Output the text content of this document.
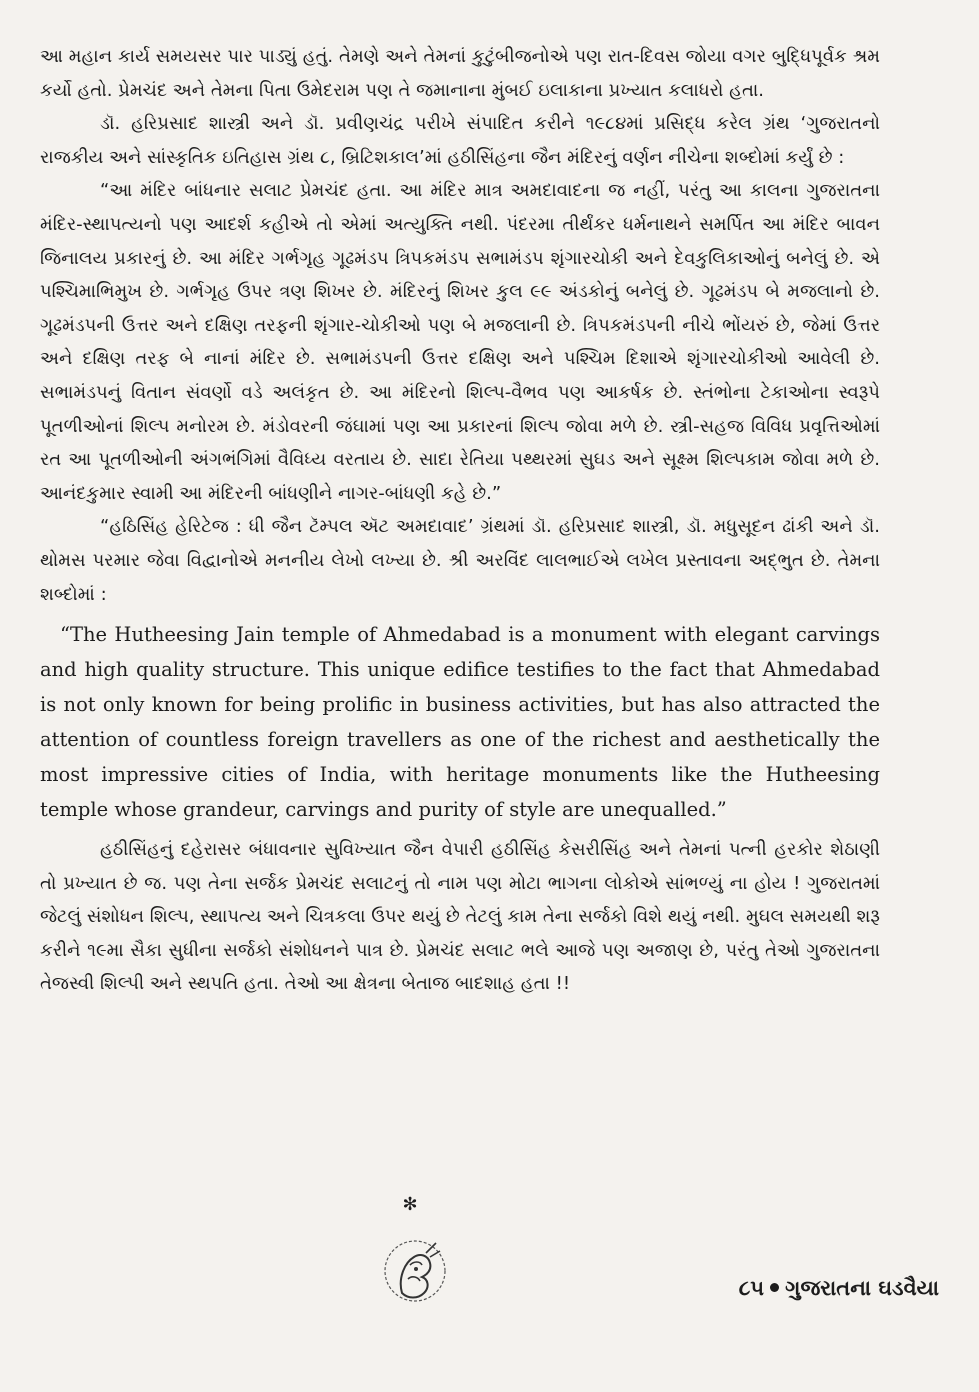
આ મહાન કાર્ય સમયસર પાર પાડ્યું હતું. તેમણે અને તેમનાં કુટુંબીજનોએ પણ રાત-દિવસ જોયા વગર બુદ્ધિપૂર્વક શ્રમ કર્યો હતો. પ્રેમચંદ અને તેમના પિતા ઉમેદરામ પણ તે જમાનાના મુંબઈ ઇલાકાના પ્રખ્યાત કલાધરો હતા.

ડૉ. હરિપ્રસાદ શાસ્ત્રી અને ડૉ. પ્રવીણચંદ્ર પરીખે સંપાદિત કરીને ૧૯૮૪માં પ્રસિદ્ધ કરેલ ગ્રંથ ‘ગુજરાતનો રાજકીય અને સાંસ્કૃતિક ઇતિહાસ ગ્રંથ ૮, બ્રિટિશકાલ’માં હઠીસિંહના જૈન મંદિરનું વર્ણન નીચેના શબ્દોમાં કર્યું છે :

“આ મંદિર બાંધનાર સલાટ પ્રેમચંદ હતા. આ મંદિર માત્ર અમદાવાદના જ નહીં, પરંતુ આ કાલના ગુજરાતના મંદિર-સ્થાપત્યનો પણ આદર્શ કહીએ તો એમાં અત્યુક્તિ નથી. પંદરમા તીર્થંકર ધર્મનાથને સમર્પિત આ મંદિર બાવન જિનાલય પ્રકારનું છે. આ મંદિર ગર્ભગૃહ ગૂઢમંડપ ત્રિપકમંડપ સભામંડપ શૃંગારચોકી અને દેવકુલિકાઓનું બનેલું છે. એ પશ્ચિમાભિમુખ છે. ગર્ભગૃહ ઉપર ત્રણ શિખર છે. મંદિરનું શિખર કુલ ૯૯ અંડકોનું બનેલું છે. ગૂઢમંડપ બે મજલાનો છે. ગૂઢમંડપની ઉત્તર અને દક્ષિણ તરફની શૃંગાર-ચોકીઓ પણ બે મજલાની છે. ત્રિપકમંડપની નીચે ભોંયરું છે, જેમાં ઉત્તર અને દક્ષિણ તરફ બે નાનાં મંદિર છે. સભામંડપની ઉત્તર દક્ષિણ અને પશ્ચિમ દિશાએ શૃંગારચોકીઓ આવેલી છે. સભામંડપનું વિતાન સંવર્ણો વડે અલંકૃત છે. આ મંદિરનો શિલ્પ-વૈભવ પણ આકર્ષક છે. સ્તંભોના ટેકાઓના સ્વરૂપે પૂતળીઓનાં શિલ્પ મનોરમ છે. મંડોવરની જંઘામાં પણ આ પ્રકારનાં શિલ્પ જોવા મળે છે. સ્ત્રી-સહજ વિવિધ પ્રવૃત્તિઓમાં રત આ પૂતળીઓની અંગભંગિમાં વૈવિધ્ય વરતાય છે. સાદા રેતિયા પથ્થરમાં સુઘડ અને સૂક્ષ્મ શિલ્પકામ જોવા મળે છે. આનંદકુમાર સ્વામી આ મંદિરની બાંધણીને નાગર-બાંધણી કહે છે.”

“હઠિસિંહ હેરિટેજ : ધી જૈન ટૅમ્પલ ઍટ અમદાવાદ’ ગ્રંથમાં ડૉ. હરિપ્રસાદ શાસ્ત્રી, ડૉ. મધુસૂદન ઢાંકી અને ડૉ. થોમસ પરમાર જેવા વિદ્વાનોએ મનનીય લેખો લખ્યા છે. શ્રી અરવિંદ લાલભાઈએ લખેલ પ્રસ્તાવના અદ્ભુત છે. તેમના શબ્દોમાં :

“The Hutheesing Jain temple of Ahmedabad is a monument with elegant carvings and high quality structure. This unique edifice testifies to the fact that Ahmedabad is not only known for being prolific in business activities, but has also attracted the attention of countless foreign travellers as one of the richest and aesthetically the most impressive cities of India, with heritage monuments like the Hutheesing temple whose grandeur, carvings and purity of style are unequalled.”

હઠીસિંહનું દહેરાસર બંધાવનાર સુવિખ્યાત જૈન વેપારી હઠીસિંહ કેસરીસિંહ અને તેમનાં પત્ની હરકોર શેઠાણી તો પ્રખ્યાત છે જ. પણ તેના સર્જક પ્રેમચંદ સલાટનું તો નામ પણ મોટા ભાગના લોકોએ સાંભળ્યું ના હોય ! ગુજરાતમાં જેટલું સંશોધન શિલ્પ, સ્થાપત્ય અને ચિત્રકલા ઉપર થયું છે તેટલું કામ તેના સર્જકો વિશે થયું નથી. મુઘલ સમયથી શરૂ કરીને ૧૯મા સૈકા સુધીના સર્જકો સંશોધનને પાત્ર છે. પ્રેમચંદ સલાટ ભલે આજે પણ અજાણ છે, પરંતુ તેઓ ગુજરાતના તેજસ્વી શિલ્પી અને સ્થપતિ હતા. તેઓ આ ક્ષેત્રના બેતાજ બાદશાહ હતા !!

✻
૮૫ ગુજરાતના ઘડવૈયા
